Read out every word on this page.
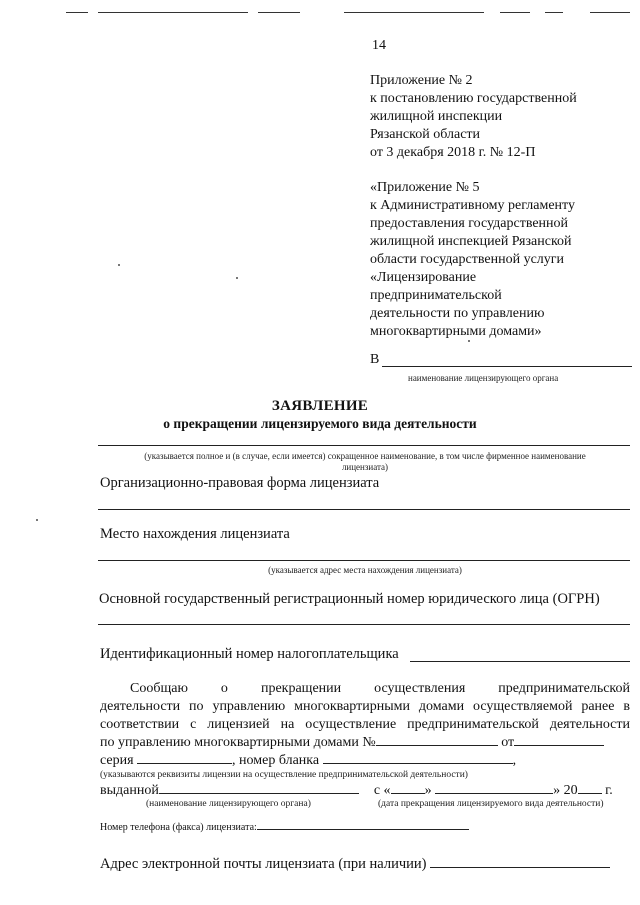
14
Приложение № 2
к постановлению государственной
жилищной инспекции
Рязанской области
от 3 декабря 2018 г. № 12-П
«Приложение № 5
к Административному регламенту
предоставления государственной
жилищной инспекцией Рязанской
области государственной услуги
«Лицензирование
предпринимательской
деятельности по управлению
многоквартирными домами»
В
наименование лицензирующего органа
ЗАЯВЛЕНИЕ
о прекращении лицензируемого вида деятельности
(указывается полное и (в случае, если имеется) сокращенное наименование, в том числе фирменное наименование
лицензиата)
Организационно-правовая форма лицензиата
Место нахождения лицензиата
(указывается адрес места нахождения лицензиата)
Основной государственный регистрационный номер юридического лица (ОГРН)
Идентификационный номер налогоплательщика
Сообщаю о прекращении осуществления предпринимательской
деятельности по управлению многоквартирными домами осуществляемой ранее в
соответствии с лицензией на осуществление предпринимательской деятельности
по управлению многоквартирными домами №	от
серия	, номер бланка	,
(указываются реквизиты лицензии на осуществление предпринимательской деятельности)
выданной	с « »	» 20 г.
(наименование лицензирующего органа)	(дата прекращения лицензируемого вида деятельности)
Номер телефона (факса) лицензиата:
Адрес электронной почты лицензиата (при наличии)
